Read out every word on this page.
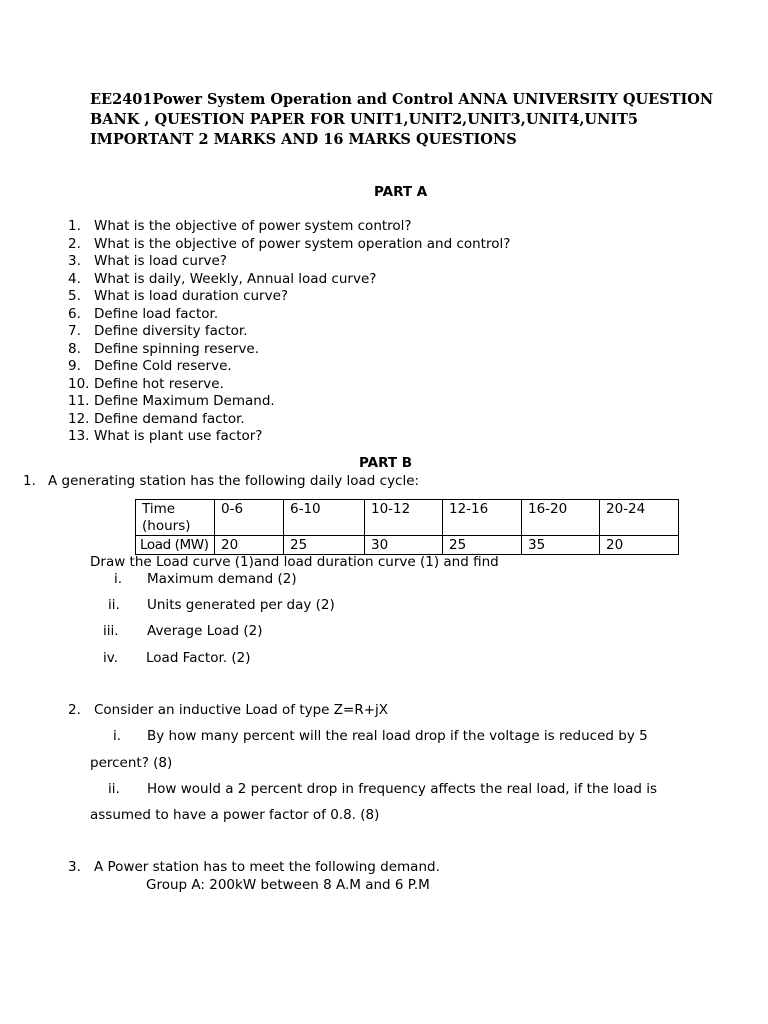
EE2401Power System Operation and Control ANNA UNIVERSITY QUESTION
BANK , QUESTION PAPER FOR UNIT1,UNIT2,UNIT3,UNIT4,UNIT5
IMPORTANT 2 MARKS AND 16 MARKS QUESTIONS
PART A
1. What is the objective of power system control?
2. What is the objective of power system operation and control?
3. What is load curve?
4. What is daily, Weekly, Annual load curve?
5. What is load duration curve?
6. Define load factor.
7. Define diversity factor.
8. Define spinning reserve.
9. Define Cold reserve.
10. Define hot reserve.
11. Define Maximum Demand.
12. Define demand factor.
13. What is plant use factor?
PART B
1. A generating station has the following daily load cycle:
Time
(hours)	0-6	6-10	10-12	12-16	16-20	20-24
Load (MW)	20	25	30	25	35	20
Draw the Load curve (1)and load duration curve (1) and find
i. Maximum demand (2)
ii. Units generated per day (2)
iii. Average Load (2)
iv. Load Factor. (2)
2. Consider an inductive Load of type Z=R+jX
i. By how many percent will the real load drop if the voltage is reduced by 5
percent? (8)
ii. How would a 2 percent drop in frequency affects the real load, if the load is
assumed to have a power factor of 0.8. (8)
3. A Power station has to meet the following demand.
Group A: 200kW between 8 A.M and 6 P.M
